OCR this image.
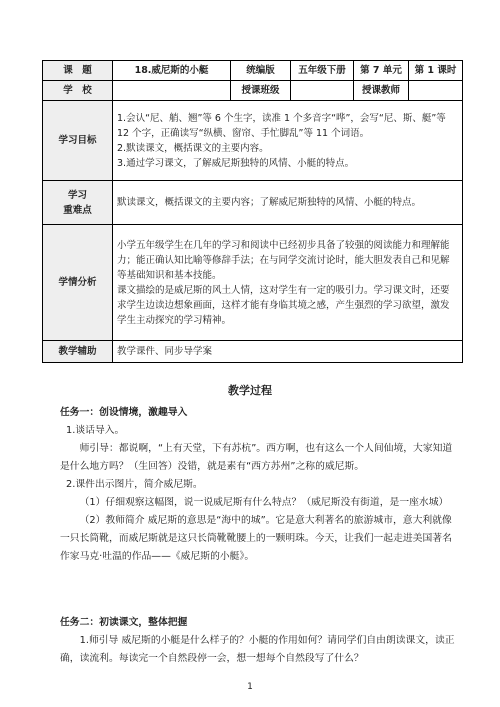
课　题	18.威尼斯的小艇	统编版	五年级下册	第 7 单元	第 1 课时
学　校		授课班级		授课教师	
学习目标	1.会认“尼、艄、翘”等 6 个生字，读准 1 个多音字“哗”，会写“尼、斯、艇”等 12 个字，正确读写“纵横、窗帘、手忙脚乱”等 11 个词语。
2.默读课文，概括课文的主要内容。
3.通过学习课文，了解威尼斯独特的风情、小艇的特点。				

学习
重难点	默读课文，概括课文的主要内容；了解威尼斯独特的风情、小艇的特点。				
学情分析	小学五年级学生在几年的学习和阅读中已经初步具备了较强的阅读能力和理解能力；能正确认知比喻等修辞手法；在与同学交流讨论时，能大胆发表自己和见解等基础知识和基本技能。
课文描绘的是威尼斯的风土人情，这对学生有一定的吸引力。学习课文时，还要求学生边读边想象画面，这样才能有身临其境之感，产生强烈的学习欲望，激发学生主动探究的学习精神。				

教学辅助	教学课件、同步导学案				
教学过程

任务一：创设情境，激趣导入

1.谈话导入。

师引导：都说啊，“上有天堂，下有苏杭”。西方啊，也有这么一个人间仙境，大家知道是什么地方吗？（生回答）没错，就是素有“西方苏州”之称的威尼斯。

2.课件出示图片，简介威尼斯。

（1）仔细观察这幅图，说一说威尼斯有什么特点？（威尼斯没有街道，是一座水城）

（2）教师简介 威尼斯的意思是“海中的城”。它是意大利著名的旅游城市，意大利就像一只长筒靴，而威尼斯就是这只长筒靴靴腰上的一颗明珠。今天，让我们一起走进美国著名作家马克·吐温的作品——《威尼斯的小艇》。

任务二：初读课文，整体把握

1.师引导 威尼斯的小艇是什么样子的？小艇的作用如何？请同学们自由朗读课文，读正确，读流利。每读完一个自然段停一会，想一想每个自然段写了什么？

1
